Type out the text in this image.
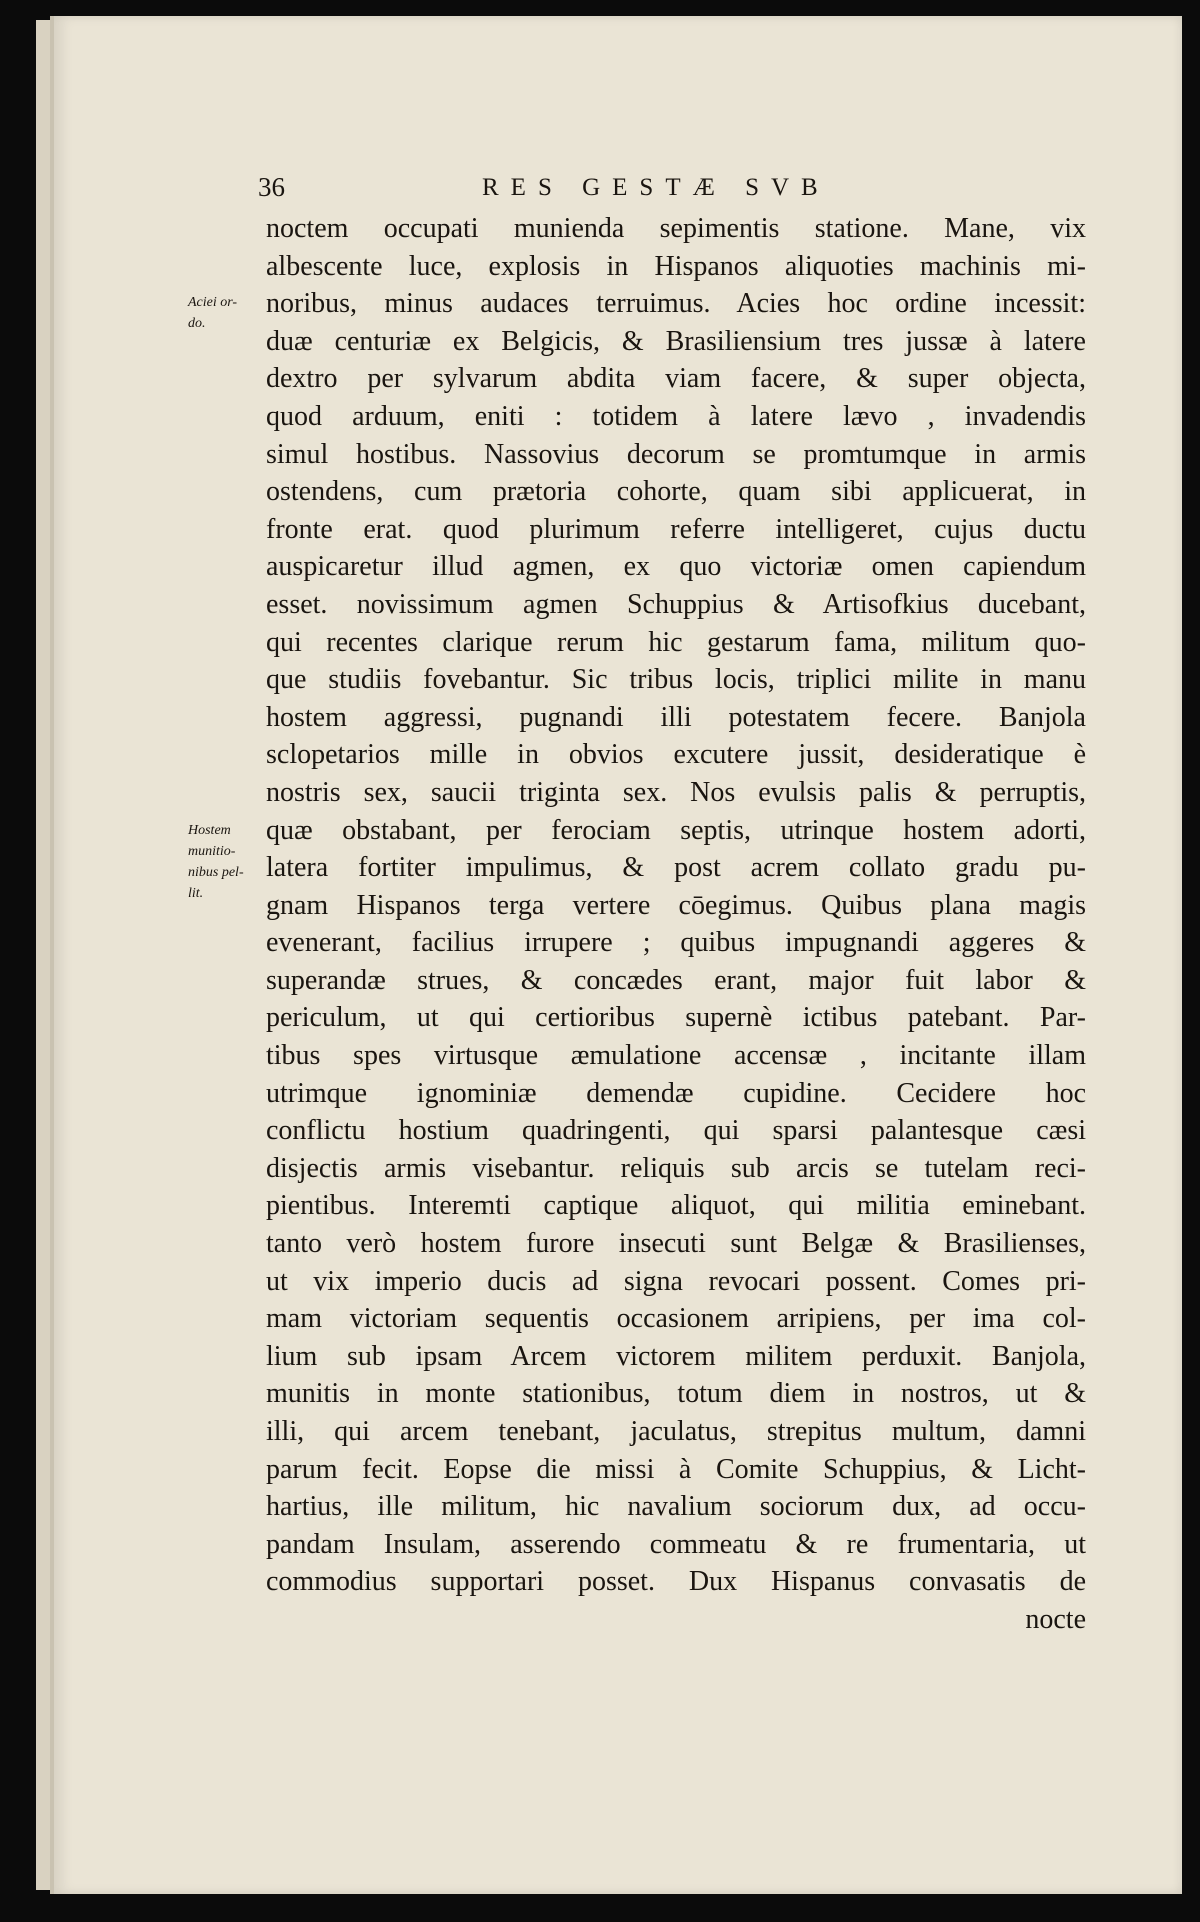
36	RES GESTÆ SVB
Aciei or-
do.
Hostem
munitio-
nibus pel-
lit.
noctem occupati munienda sepimentis statione. Mane, vix
albescente luce, explosis in Hispanos aliquoties machinis mi-
noribus, minus audaces terruimus. Acies hoc ordine incessit:
duæ centuriæ ex Belgicis, & Brasiliensium tres jussæ à latere
dextro per sylvarum abdita viam facere, & super objecta,
quod arduum, eniti : totidem à latere lævo , invadendis
simul hostibus. Nassovius decorum se promtumque in armis
ostendens, cum prætoria cohorte, quam sibi applicuerat, in
fronte erat. quod plurimum referre intelligeret, cujus ductu
auspicaretur illud agmen, ex quo victoriæ omen capiendum
esset. novissimum agmen Schuppius & Artisofkius ducebant,
qui recentes clarique rerum hic gestarum fama, militum quo-
que studiis fovebantur. Sic tribus locis, triplici milite in manu
hostem aggressi, pugnandi illi potestatem fecere. Banjola
sclopetarios mille in obvios excutere jussit, desideratique è
nostris sex, saucii triginta sex. Nos evulsis palis & perruptis,
quæ obstabant, per ferociam septis, utrinque hostem adorti,
latera fortiter impulimus, & post acrem collato gradu pu-
gnam Hispanos terga vertere cōegimus. Quibus plana magis
evenerant, facilius irrupere ; quibus impugnandi aggeres &
superandæ strues, & concædes erant, major fuit labor &
periculum, ut qui certioribus supernè ictibus patebant. Par-
tibus spes virtusque æmulatione accensæ , incitante illam
utrimque ignominiæ demendæ cupidine. Cecidere hoc
conflictu hostium quadringenti, qui sparsi palantesque cæsi
disjectis armis visebantur. reliquis sub arcis se tutelam reci-
pientibus. Interemti captique aliquot, qui militia eminebant.
tanto verò hostem furore insecuti sunt Belgæ & Brasilienses,
ut vix imperio ducis ad signa revocari possent. Comes pri-
mam victoriam sequentis occasionem arripiens, per ima col-
lium sub ipsam Arcem victorem militem perduxit. Banjola,
munitis in monte stationibus, totum diem in nostros, ut &
illi, qui arcem tenebant, jaculatus, strepitus multum, damni
parum fecit. Eopse die missi à Comite Schuppius, & Licht-
hartius, ille militum, hic navalium sociorum dux, ad occu-
pandam Insulam, asserendo commeatu & re frumentaria, ut
commodius supportari posset. Dux Hispanus convasatis de
nocte
